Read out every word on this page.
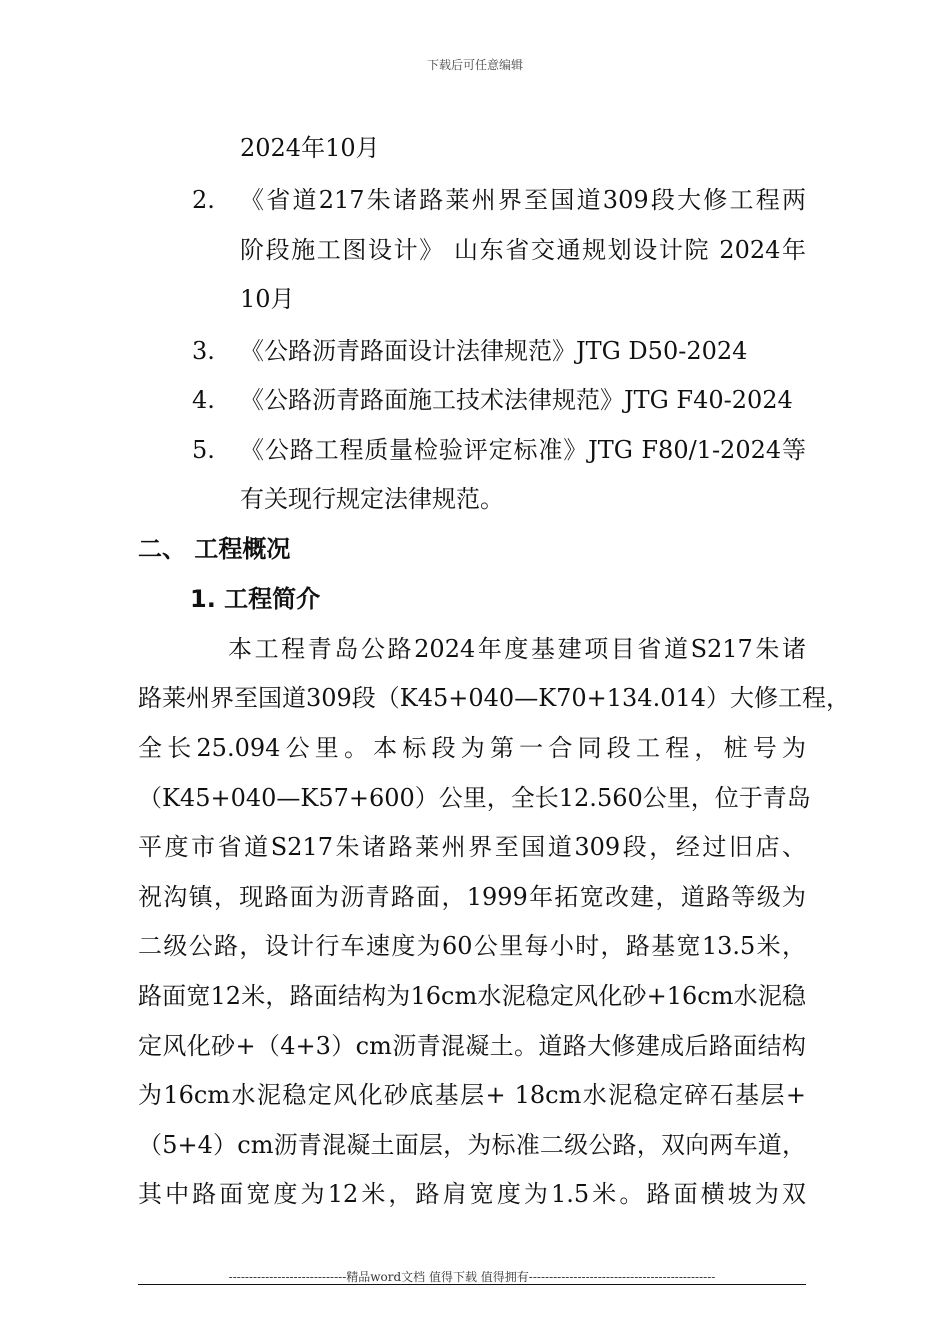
下载后可任意编辑
2024年10月
2. 《省道217朱诸路莱州界至国道309段大修工程两
阶段施工图设计》 山东省交通规划设计院 2024年
10月
3. 《公路沥青路面设计法律规范》JTG D50-2024
4. 《公路沥青路面施工技术法律规范》JTG F40-2024
5. 《公路工程质量检验评定标准》JTG F80/1-2024等
有关现行规定法律规范。
二、 工程概况
1. 工程简介
本工程青岛公路2024年度基建项目省道S217朱诸
路莱州界至国道309段（K45+040—K70+134.014）大修工程，
全长25.094公里。本标段为第一合同段工程，桩号为
（K45+040—K57+600）公里，全长12.560公里，位于青岛
平度市省道S217朱诸路莱州界至国道309段，经过旧店、
祝沟镇，现路面为沥青路面，1999年拓宽改建，道路等级为
二级公路，设计行车速度为60公里每小时，路基宽13.5米，
路面宽12米，路面结构为16cm水泥稳定风化砂+16cm水泥稳
定风化砂+（4+3）cm沥青混凝土。道路大修建成后路面结构
为16cm水泥稳定风化砂底基层+ 18cm水泥稳定碎石基层+
（5+4）cm沥青混凝土面层，为标准二级公路，双向两车道，
其中路面宽度为12米，路肩宽度为1.5米。路面横坡为双
-----------------------------精品word文档 值得下载 值得拥有----------------------------------------------
